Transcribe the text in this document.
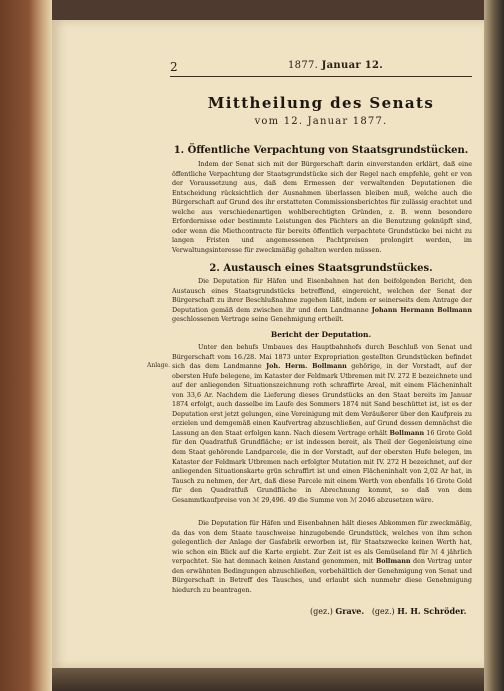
2	1877. Januar 12.
Mittheilung des Senats
vom 12. Januar 1877.
1. Öffentliche Verpachtung von Staatsgrundstücken.

Indem der Senat sich mit der Bürgerschaft darin einverstanden erklärt, daß eine öffentliche Verpachtung der Staatsgrundstücke sich der Regel nach empfehle, geht er von der Voraussetzung aus, daß dem Ermessen der verwaltenden Deputationen die Entscheidung rücksichtlich der Ausnahmen überlassen bleiben muß, welche auch die Bürgerschaft auf Grund des ihr erstatteten Commissionsberichtes für zulässig erachtet und welche aus verschiedenartigen wohlberechtigten Gründen, z. B. wenn besondere Erfordernisse oder bestimmte Leistungen des Pächters an die Benutzung geknüpft sind, oder wenn die Miethcontracte für bereits öffentlich verpachtete Grundstücke bei nicht zu langen Fristen und angemessenen Pachtpreisen prolongirt werden, im Verwaltungsinteresse für zweckmäßig gehalten werden müssen.

2. Austausch eines Staatsgrundstückes.

Die Deputation für Häfen und Eisenbahnen hat den beifolgenden Bericht, den Austausch eines Staatsgrundstücks betreffend, eingereicht, welchen der Senat der Bürgerschaft zu ihrer Beschlußnahme zugehen läßt, indem er seinerseits dem Antrage der Deputation gemäß dem zwischen ihr und dem Landmanne Johann Hermann Bollmann geschlossenen Vertrage seine Genehmigung ertheilt.

Anlage.
Bericht der Deputation.

Unter den behufs Umbaues des Hauptbahnhofs durch Beschluß von Senat und Bürgerschaft vom 16./28. Mai 1873 unter Expropriation gestellten Grundstücken befindet sich das dem Landmanne Joh. Herm. Bollmann gehörige, in der Vorstadt, auf der obersten Hufe belegene, im Kataster der Feldmark Utbremen mit IV. 272 E bezeichnete und auf der anliegenden Situationszeichnung roth schraffirte Areal, mit einem Flächeninhalt von 33,6 Ar. Nachdem die Lieferung dieses Grundstücks an den Staat bereits im Januar 1874 erfolgt, auch dasselbe im Laufe des Sommers 1874 mit Sand beschüttet ist, ist es der Deputation erst jetzt gelungen, eine Vereinigung mit dem Veräußerer über den Kaufpreis zu erzielen und demgemäß einen Kaufvertrag abzuschließen, auf Grund dessen demnächst die Lassung an den Staat erfolgen kann. Nach diesem Vertrage erhält Bollmann 16 Grote Gold für den Quadratfuß Grundfläche; er ist indessen bereit, als Theil der Gegenleistung eine dem Staat gehörende Landparcele, die in der Vorstadt, auf der obersten Hufe belegen, im Kataster der Feldmark Utbremen nach erfolgter Mutation mit IV. 272 H bezeichnet, auf der anliegenden Situationskarte grün schraffirt ist und einen Flächeninhalt von 2,02 Ar hat, in Tausch zu nehmen, der Art, daß diese Parcele mit einem Werth von ebenfalls 16 Grote Gold für den Quadratfuß Grundfläche in Abrechnung kommt, so daß von dem Gesammtkaufpreise von ℳ 29,496. 49 die Summe von ℳ 2046 abzusetzen wäre.

Die Deputation für Häfen und Eisenbahnen hält dieses Abkommen für zweckmäßig, da das von dem Staate tauschweise hinzugebende Grundstück, welches von ihm schon gelegentlich der Anlage der Gasfabrik erworben ist, für Staatszwecke keinen Werth hat, wie schon ein Blick auf die Karte ergiebt. Zur Zeit ist es als Gemüseland für ℳ 4 jährlich verpachtet. Sie hat demnach keinen Anstand genommen, mit Bollmann den Vertrag unter den erwähnten Bedingungen abzuschließen, vorbehältlich der Genehmigung von Senat und Bürgerschaft in Betreff des Tausches, und erlaubt sich nunmehr diese Genehmigung hiedurch zu beantragen.

(gez.) Grave. (gez.) H. H. Schröder.
